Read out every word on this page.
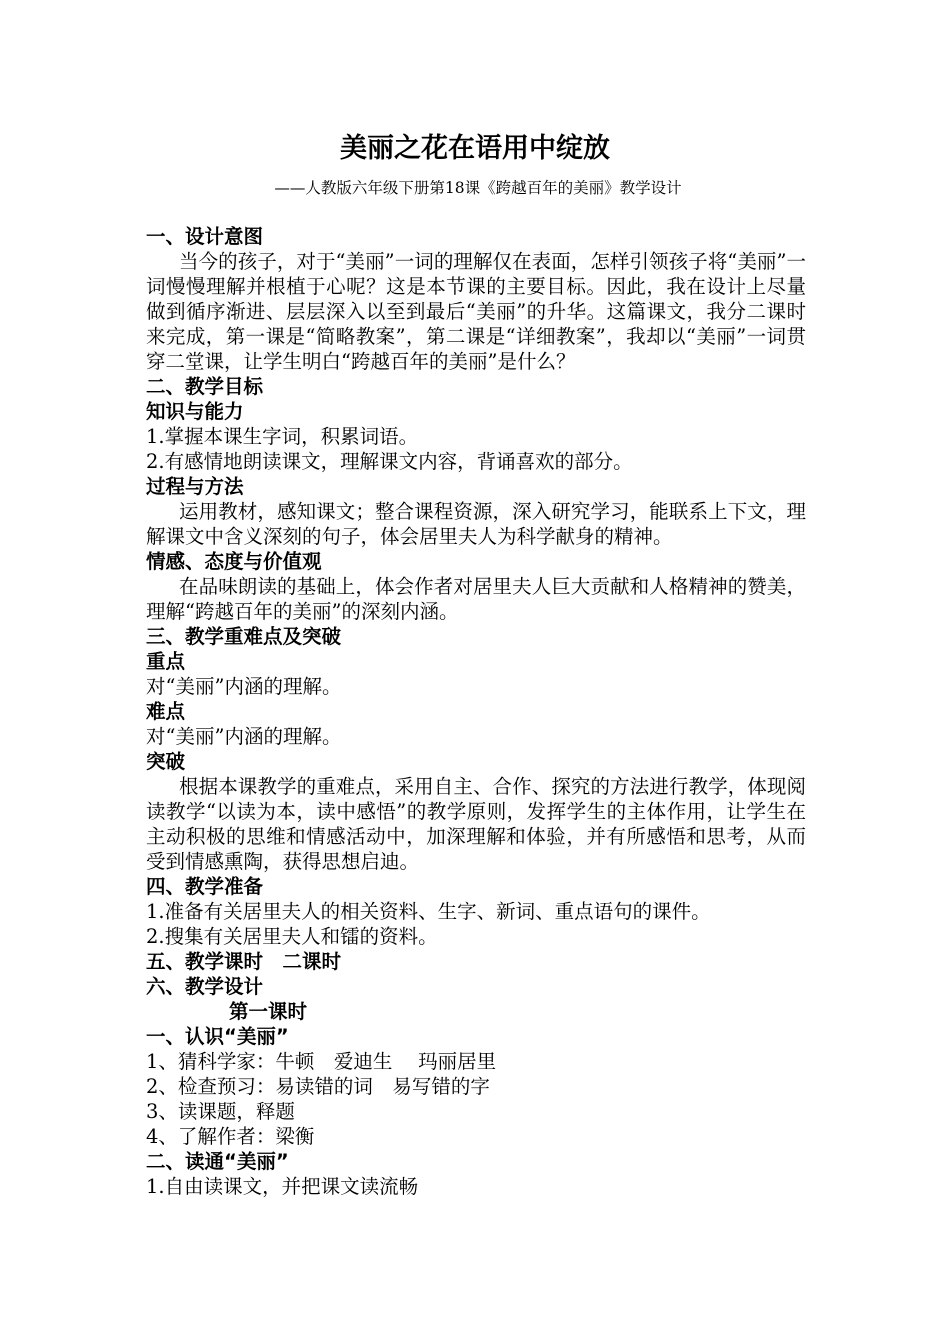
美丽之花在语用中绽放
——人教版六年级下册第18课《跨越百年的美丽》教学设计

一、设计意图

当今的孩子，对于“美丽”一词的理解仅在表面，怎样引领孩子将“美丽”一词慢慢理解并根植于心呢？这是本节课的主要目标。因此，我在设计上尽量做到循序渐进、层层深入以至到最后“美丽”的升华。这篇课文，我分二课时来完成，第一课是“简略教案”，第二课是“详细教案”，我却以“美丽”一词贯穿二堂课，让学生明白“跨越百年的美丽”是什么？

二、教学目标

知识与能力

1.掌握本课生字词，积累词语。

2.有感情地朗读课文，理解课文内容，背诵喜欢的部分。

过程与方法

运用教材，感知课文；整合课程资源，深入研究学习，能联系上下文，理解课文中含义深刻的句子，体会居里夫人为科学献身的精神。

情感、态度与价值观

在品味朗读的基础上，体会作者对居里夫人巨大贡献和人格精神的赞美，理解“跨越百年的美丽”的深刻内涵。

三、教学重难点及突破

重点

对“美丽”内涵的理解。

难点

对“美丽”内涵的理解。

突破

根据本课教学的重难点，采用自主、合作、探究的方法进行教学，体现阅读教学“以读为本，读中感悟”的教学原则，发挥学生的主体作用，让学生在主动积极的思维和情感活动中，加深理解和体验，并有所感悟和思考，从而受到情感熏陶，获得思想启迪。

四、教学准备

1.准备有关居里夫人的相关资料、生字、新词、重点语句的课件。

2.搜集有关居里夫人和镭的资料。

五、教学课时　二课时

六、教学设计

第一课时

一、认识“美丽”

1、猜科学家：牛顿　爱迪生　 玛丽居里

2、检查预习：易读错的词　易写错的字

3、读课题，释题

4、了解作者：梁衡

二、读通“美丽”

1.自由读课文，并把课文读流畅
